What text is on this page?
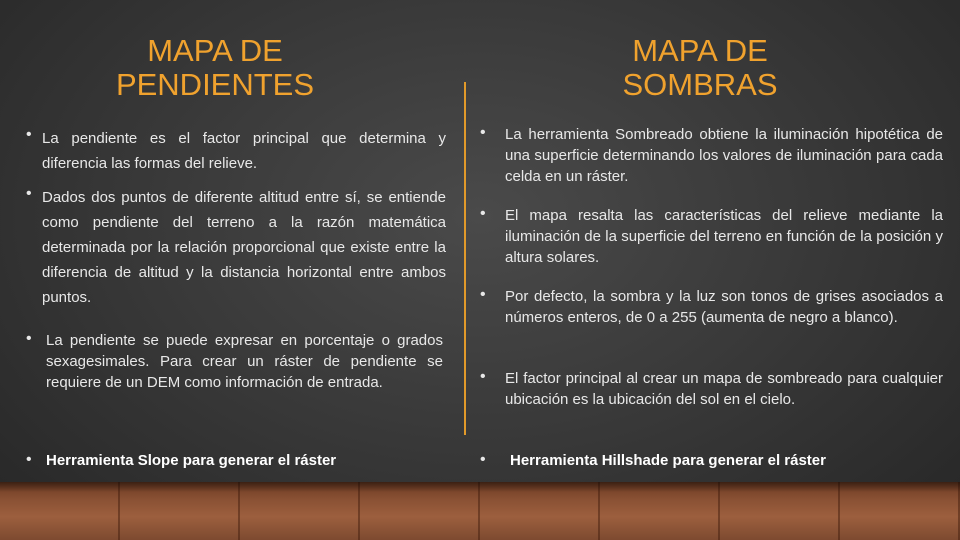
MAPA DE
PENDIENTES
MAPA DE
SOMBRAS
• La pendiente es el factor principal que determina y diferencia las formas del relieve.
• Dados dos puntos de diferente altitud entre sí, se entiende como pendiente del terreno a la razón matemática determinada por la relación proporcional que existe entre la diferencia de altitud y la distancia horizontal entre ambos puntos.
• La pendiente se puede expresar en porcentaje o grados sexagesimales. Para crear un ráster de pendiente se requiere de un DEM como información de entrada.
• Herramienta Slope para generar el ráster
• La herramienta Sombreado obtiene la iluminación hipotética de una superficie determinando los valores de iluminación para cada celda en un ráster.
• El mapa resalta las características del relieve mediante la iluminación de la superficie del terreno en función de la posición y altura solares.
• Por defecto, la sombra y la luz son tonos de grises asociados a números enteros, de 0 a 255 (aumenta de negro a blanco).
• El factor principal al crear un mapa de sombreado para cualquier ubicación es la ubicación del sol en el cielo.
• Herramienta Hillshade para generar el ráster
